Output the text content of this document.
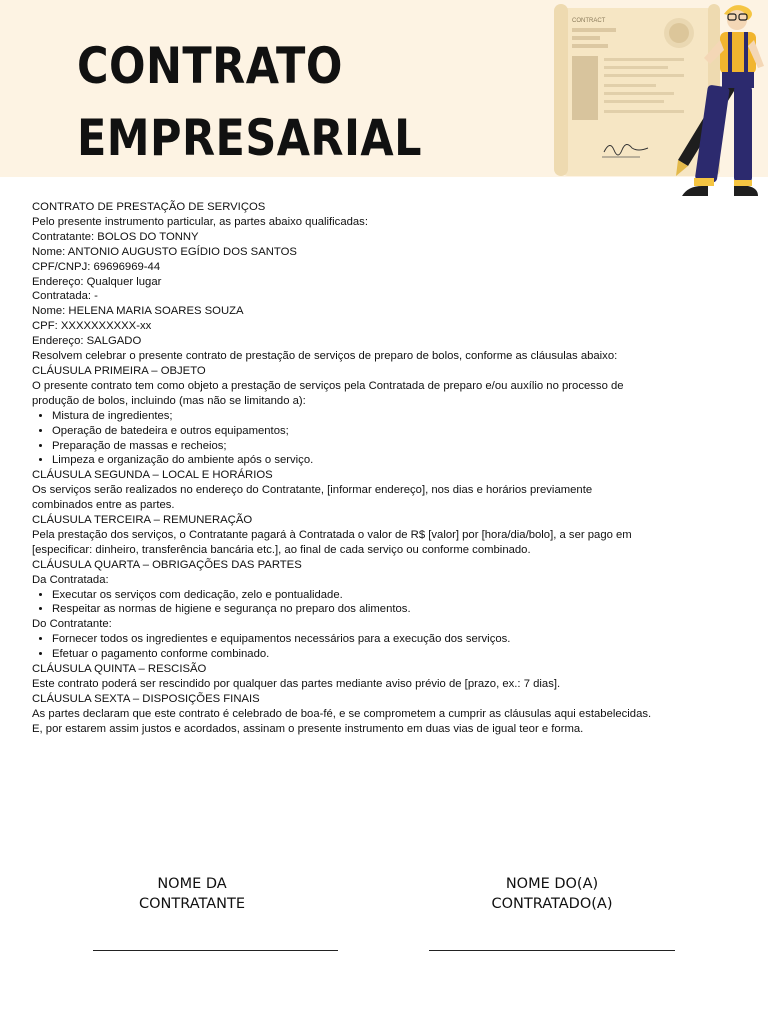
CONTRATO
EMPRESARIAL
CONTRACT

CONTRATO DE PRESTAÇÃO DE SERVIÇOS

Pelo presente instrumento particular, as partes abaixo qualificadas:

Contratante: BOLOS DO TONNY

Nome: ANTONIO AUGUSTO EGÍDIO DOS SANTOS

CPF/CNPJ: 69696969-44

Endereço: Qualquer lugar

Contratada: -

Nome: HELENA MARIA SOARES SOUZA

CPF: XXXXXXXXXX-xx

Endereço: SALGADO

Resolvem celebrar o presente contrato de prestação de serviços de preparo de bolos, conforme as cláusulas abaixo:

CLÁUSULA PRIMEIRA – OBJETO

O presente contrato tem como objeto a prestação de serviços pela Contratada de preparo e/ou auxílio no processo de produção de bolos, incluindo (mas não se limitando a):

• Mistura de ingredientes;
• Operação de batedeira e outros equipamentos;
• Preparação de massas e recheios;
• Limpeza e organização do ambiente após o serviço.

CLÁUSULA SEGUNDA – LOCAL E HORÁRIOS

Os serviços serão realizados no endereço do Contratante, [informar endereço], nos dias e horários previamente combinados entre as partes.

CLÁUSULA TERCEIRA – REMUNERAÇÃO

Pela prestação dos serviços, o Contratante pagará à Contratada o valor de R$ [valor] por [hora/dia/bolo], a ser pago em [especificar: dinheiro, transferência bancária etc.], ao final de cada serviço ou conforme combinado.

CLÁUSULA QUARTA – OBRIGAÇÕES DAS PARTES

Da Contratada:

• Executar os serviços com dedicação, zelo e pontualidade.
• Respeitar as normas de higiene e segurança no preparo dos alimentos.

Do Contratante:

• Fornecer todos os ingredientes e equipamentos necessários para a execução dos serviços.
• Efetuar o pagamento conforme combinado.

CLÁUSULA QUINTA – RESCISÃO

Este contrato poderá ser rescindido por qualquer das partes mediante aviso prévio de [prazo, ex.: 7 dias].

CLÁUSULA SEXTA – DISPOSIÇÕES FINAIS

As partes declaram que este contrato é celebrado de boa-fé, e se comprometem a cumprir as cláusulas aqui estabelecidas.

E, por estarem assim justos e acordados, assinam o presente instrumento em duas vias de igual teor e forma.

NOME DA
CONTRATANTE
NOME DO(A)
CONTRATADO(A)
